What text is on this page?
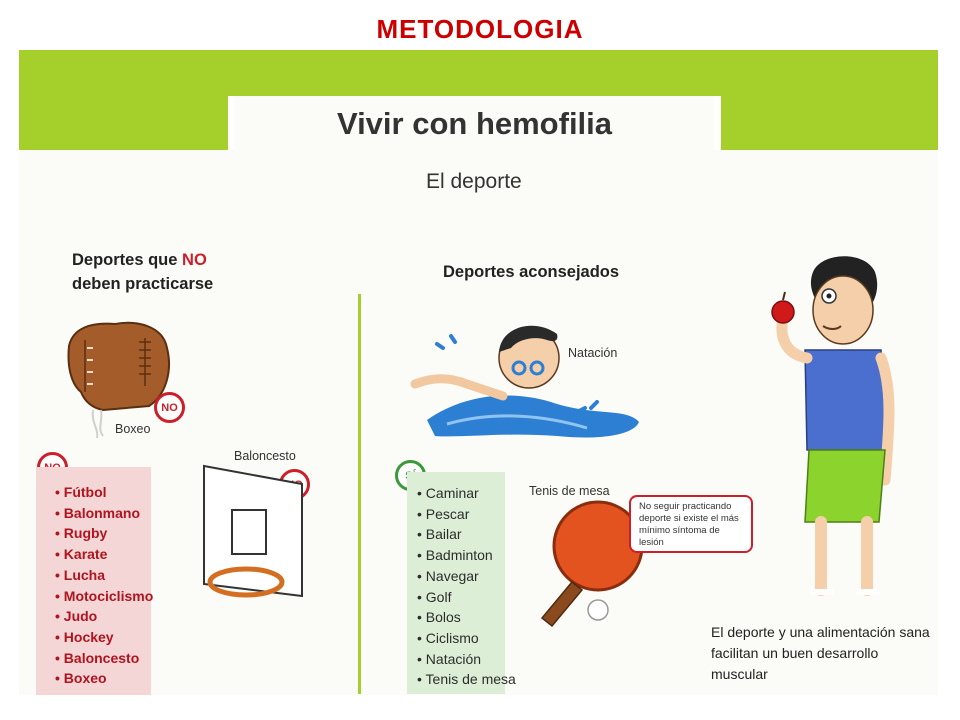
METODOLOGIA
Vivir con hemofilia
El deporte
Deportes que NO
deben practicarse
Boxeo
NO
Baloncesto
• Fútbol
• Balonmano
• Rugby
• Karate
• Lucha
• Motociclismo
• Judo
• Hockey
• Baloncesto
• Boxeo
Deportes aconsejados
Natación
Tenis de mesa
No seguir practicando deporte si existe el más mínimo síntoma de lesión
• Caminar
• Pescar
• Bailar
• Badminton
• Navegar
• Golf
• Bolos
• Ciclismo
• Natación
• Tenis de mesa
El deporte y una alimentación sana facilitan un buen desarrollo muscular
